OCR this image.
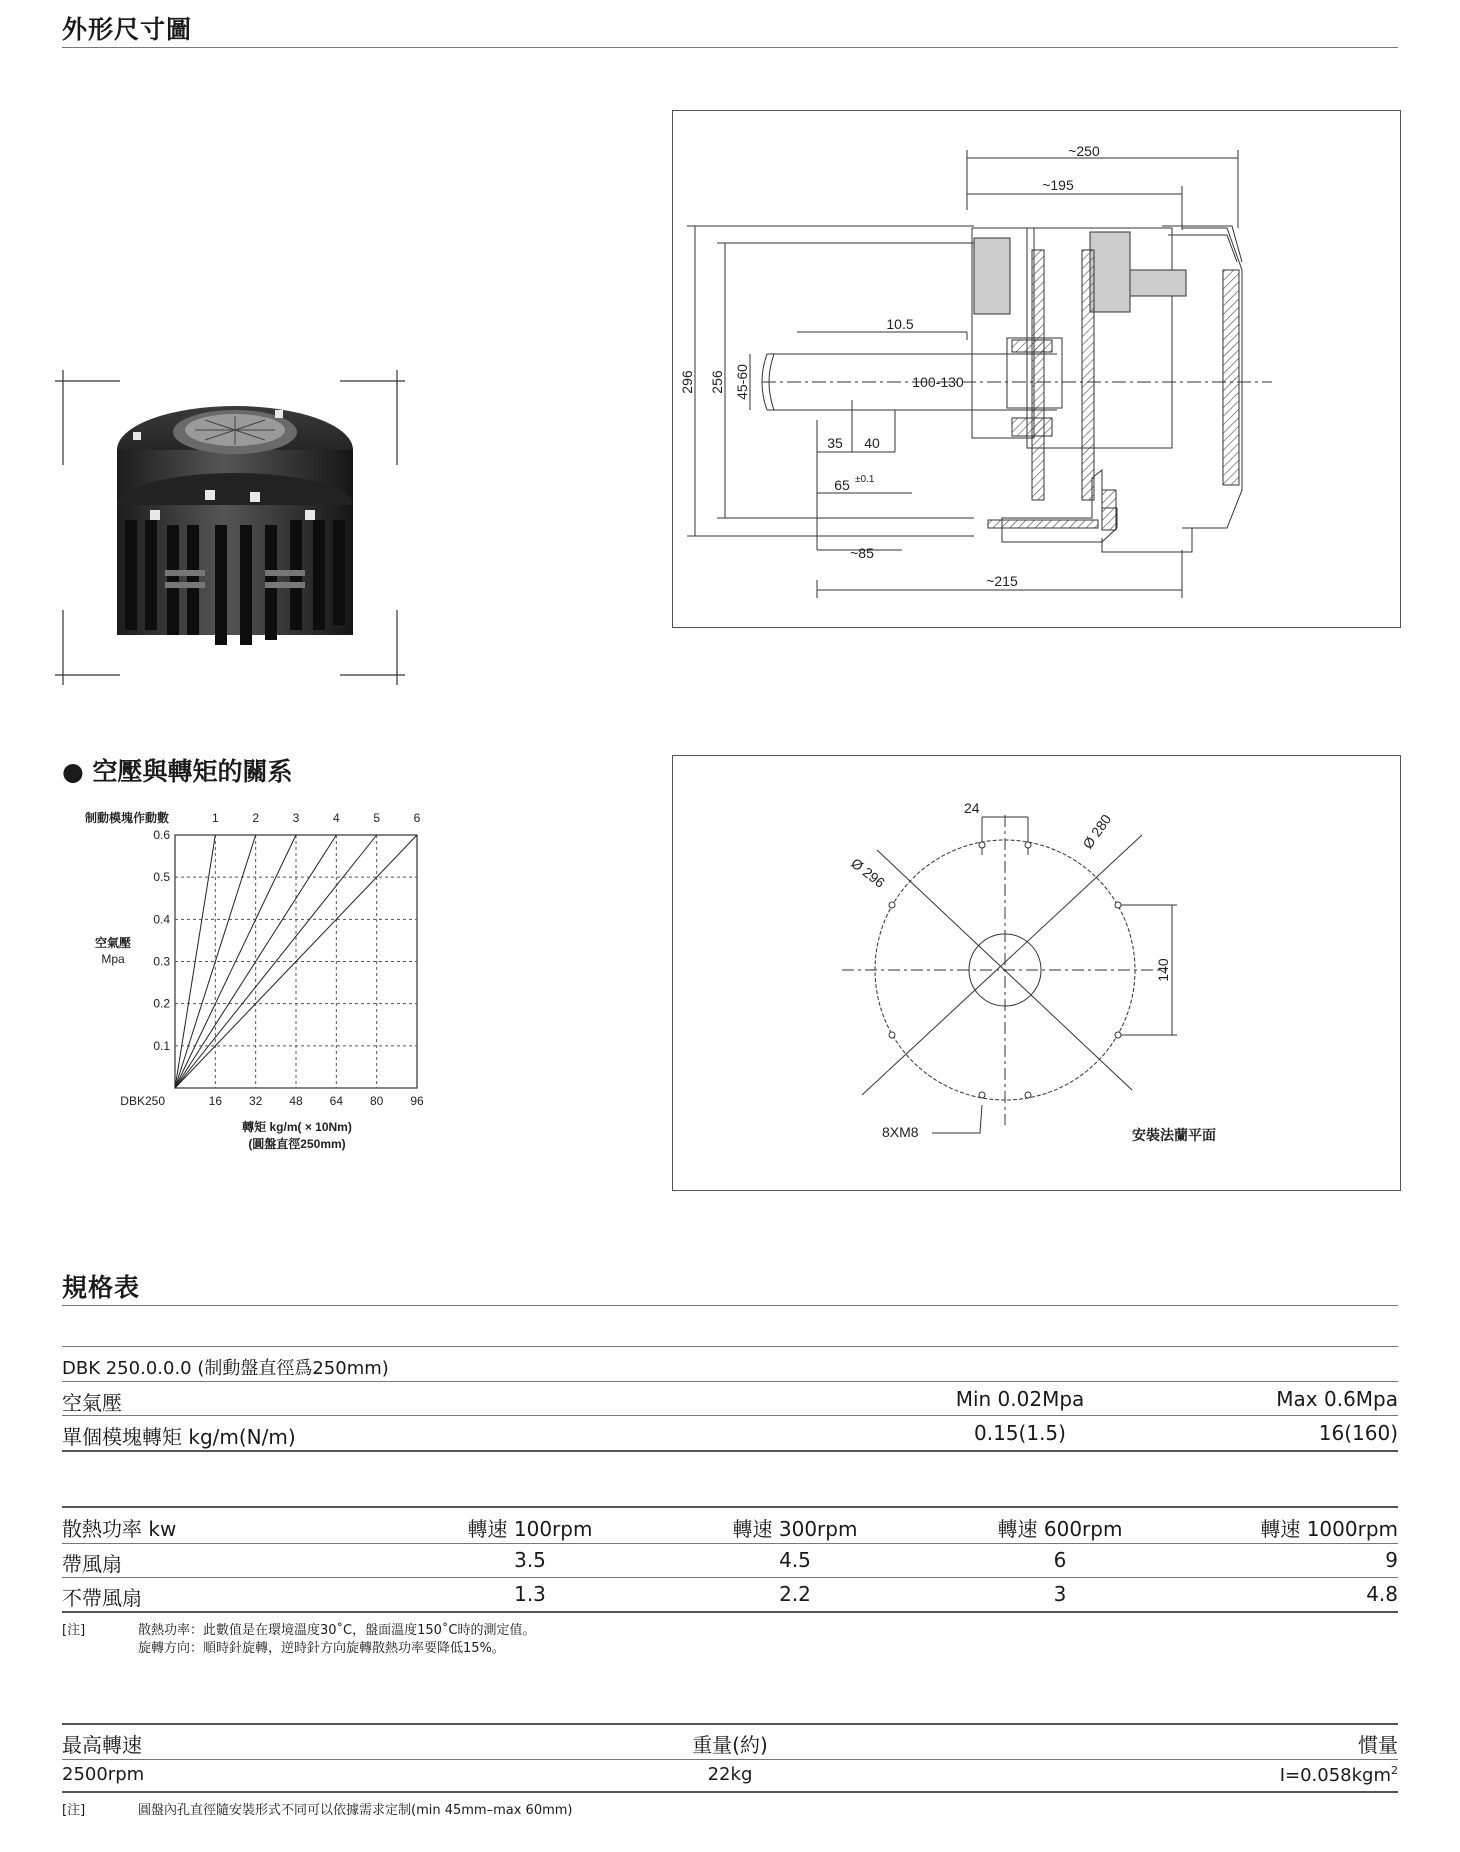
外形尺寸圖
~250
~195
10.5
296 256 45-60	100-130
35 40
65 ±0.1
~85
~215
● 空壓與轉矩的關系
16 32 48 64 80 96
DBK250
0.1
0.2
0.3
0.4
0.5
0.6
制動模塊作動數	1	2	3	4	5	6
空氣壓
Mpa
轉矩 kg/m( × 10Nm)
(圓盤直徑250mm)
24
Ø 280
Ø 296
140
8XM8	安裝法蘭平面
規格表
DBK 250.0.0.0 (制動盤直徑爲250mm)
空氣壓	Min 0.02Mpa	Max 0.6Mpa
單個模塊轉矩 kg/m(N/m)	0.15(1.5)	16(160)
散熱功率 kw	轉速 100rpm	轉速 300rpm	轉速 600rpm	轉速 1000rpm
帶風扇	3.5	4.5	6	9
不帶風扇	1.3	2.2	3	4.8
[注]	散熱功率：此數值是在環境溫度30˚C，盤面溫度150˚C時的測定值。
旋轉方向：順時針旋轉，逆時針方向旋轉散熱功率要降低15%。
最高轉速	重量(約)	慣量
2500rpm	22kg	I=0.058kgm$^2$
[注]	圓盤內孔直徑隨安裝形式不同可以依據需求定制(min 45mm–max 60mm)
